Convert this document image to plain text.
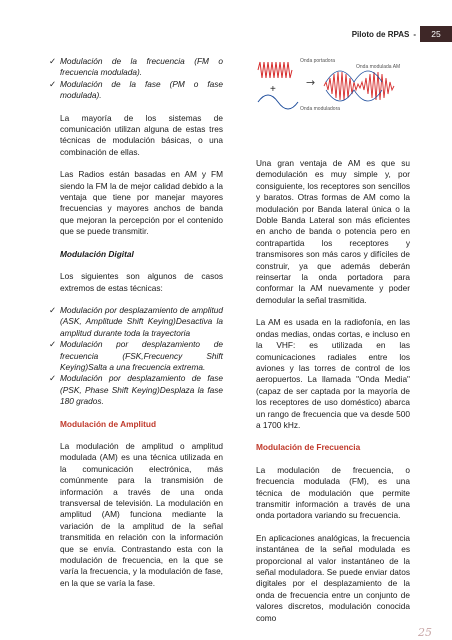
Piloto de RPAS -	25
✓ Modulación de la frecuencia (FM o frecuencia modulada).
✓ Modulación de la fase (PM o fase modulada).

La mayoría de los sistemas de comunicación utilizan alguna de estas tres técnicas de modulación básicas, o una combinación de ellas.

Las Radios están basadas en AM y FM siendo la FM la de mejor calidad debido a la ventaja que tiene por manejar mayores frecuencias y mayores anchos de banda que mejoran la percepción por el contenido que se puede transmitir.

Modulación Digital

Los siguientes son algunos de casos extremos de estas técnicas:

✓ Modulación por desplazamiento de amplitud (ASK, Amplitude Shift Keying)Desactiva la amplitud durante toda la trayectoria
✓ Modulación por desplazamiento de frecuencia (FSK,Frecuency Shift Keying)Salta a una frecuencia extrema.
✓ Modulación por desplazamiento de fase (PSK, Phase Shift Keying)Desplaza la fase 180 grados.
Modulación de Amplitud

La modulación de amplitud o amplitud modulada (AM) es una técnica utilizada en la comunicación electrónica, más comúnmente para la transmisión de información a través de una onda transversal de televisión. La modulación en amplitud (AM) funciona mediante la variación de la amplitud de la señal transmitida en relación con la información que se envía. Contrastando esta con la modulación de frecuencia, en la que se varía la frecuencia, y la modulación de fase, en la que se varía la fase.

+
→
Onda portadora
Onda modulada AM
Onda moduladora

Una gran ventaja de AM es que su demodulación es muy simple y, por consiguiente, los receptores son sencillos y baratos. Otras formas de AM como la modulación por Banda lateral única o la Doble Banda Lateral son más eficientes en ancho de banda o potencia pero en contrapartida los receptores y transmisores son más caros y difíciles de construir, ya que además deberán reinsertar la onda portadora para conformar la AM nuevamente y poder demodular la señal trasmitida.

La AM es usada en la radiofonía, en las ondas medias, ondas cortas, e incluso en la VHF: es utilizada en las comunicaciones radiales entre los aviones y las torres de control de los aeropuertos. La llamada "Onda Media" (capaz de ser captada por la mayoría de los receptores de uso doméstico) abarca un rango de frecuencia que va desde 500 a 1700 kHz.

Modulación de Frecuencia

La modulación de frecuencia, o frecuencia modulada (FM), es una técnica de modulación que permite transmitir información a través de una onda portadora variando su frecuencia.

En aplicaciones analógicas, la frecuencia instantánea de la señal modulada es proporcional al valor instantáneo de la señal moduladora. Se puede enviar datos digitales por el desplazamiento de la onda de frecuencia entre un conjunto de valores discretos, modulación conocida como

25
